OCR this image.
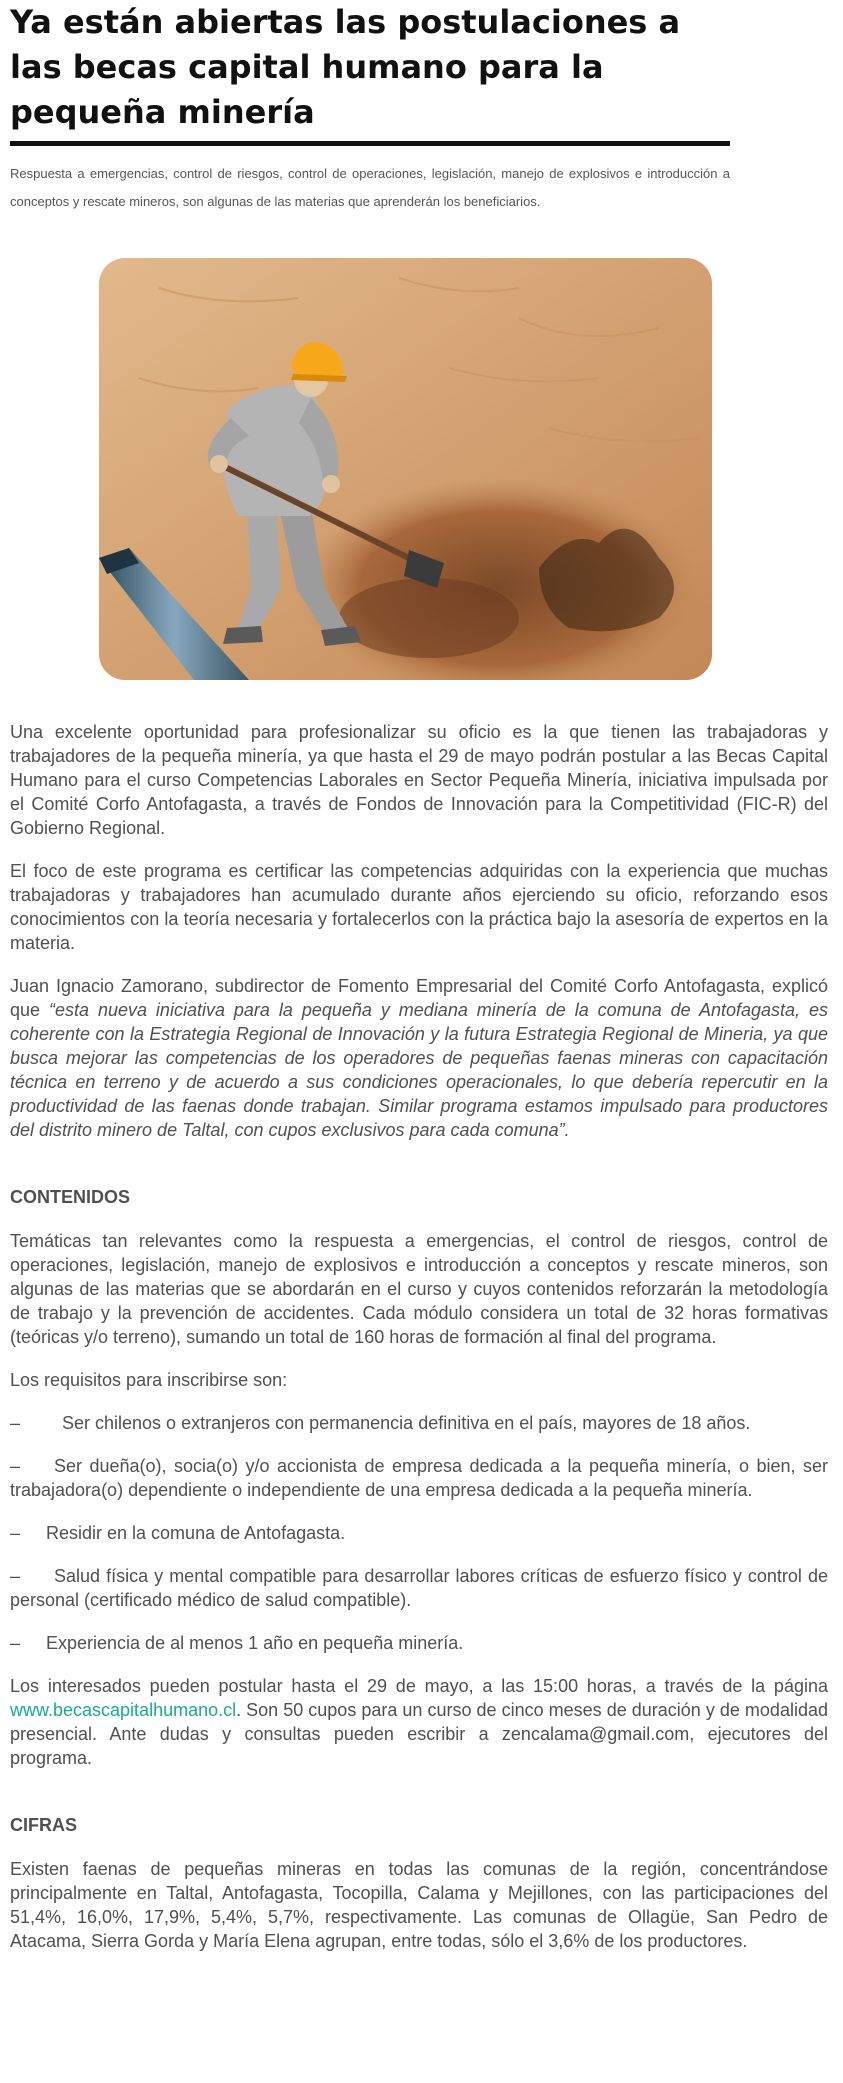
Ya están abiertas las postulaciones a las becas capital humano para la pequeña minería
Respuesta a emergencias, control de riesgos, control de operaciones, legislación, manejo de explosivos e introducción a conceptos y rescate mineros, son algunas de las materias que aprenderán los beneficiarios.

Una excelente oportunidad para profesionalizar su oficio es la que tienen las trabajadoras y trabajadores de la pequeña minería, ya que hasta el 29 de mayo podrán postular a las Becas Capital Humano para el curso Competencias Laborales en Sector Pequeña Minería, iniciativa impulsada por el Comité Corfo Antofagasta, a través de Fondos de Innovación para la Competitividad (FIC-R) del Gobierno Regional.

El foco de este programa es certificar las competencias adquiridas con la experiencia que muchas trabajadoras y trabajadores han acumulado durante años ejerciendo su oficio, reforzando esos conocimientos con la teoría necesaria y fortalecerlos con la práctica bajo la asesoría de expertos en la materia.

Juan Ignacio Zamorano, subdirector de Fomento Empresarial del Comité Corfo Antofagasta, explicó que “esta nueva iniciativa para la pequeña y mediana minería de la comuna de Antofagasta, es coherente con la Estrategia Regional de Innovación y la futura Estrategia Regional de Mineria, ya que busca mejorar las competencias de los operadores de pequeñas faenas mineras con capacitación técnica en terreno y de acuerdo a sus condiciones operacionales, lo que debería repercutir en la productividad de las faenas donde trabajan. Similar programa estamos impulsado para productores del distrito minero de Taltal, con cupos exclusivos para cada comuna”.

CONTENIDOS

Temáticas tan relevantes como la respuesta a emergencias, el control de riesgos, control de operaciones, legislación, manejo de explosivos e introducción a conceptos y rescate mineros, son algunas de las materias que se abordarán en el curso y cuyos contenidos reforzarán la metodología de trabajo y la prevención de accidentes. Cada módulo considera un total de 32 horas formativas (teóricas y/o terreno), sumando un total de 160 horas de formación al final del programa.

Los requisitos para inscribirse son:

– Ser chilenos o extranjeros con permanencia definitiva en el país, mayores de 18 años.

– Ser dueña(o), socia(o) y/o accionista de empresa dedicada a la pequeña minería, o bien, ser trabajadora(o) dependiente o independiente de una empresa dedicada a la pequeña minería.

– Residir en la comuna de Antofagasta.

– Salud física y mental compatible para desarrollar labores críticas de esfuerzo físico y control de personal (certificado médico de salud compatible).

– Experiencia de al menos 1 año en pequeña minería.

Los interesados pueden postular hasta el 29 de mayo, a las 15:00 horas, a través de la página www.becascapitalhumano.cl. Son 50 cupos para un curso de cinco meses de duración y de modalidad presencial. Ante dudas y consultas pueden escribir a zencalama@gmail.com, ejecutores del programa.

CIFRAS

Existen faenas de pequeñas mineras en todas las comunas de la región, concentrándose principalmente en Taltal, Antofagasta, Tocopilla, Calama y Mejillones, con las participaciones del 51,4%, 16,0%, 17,9%, 5,4%, 5,7%, respectivamente. Las comunas de Ollagüe, San Pedro de Atacama, Sierra Gorda y María Elena agrupan, entre todas, sólo el 3,6% de los productores.
